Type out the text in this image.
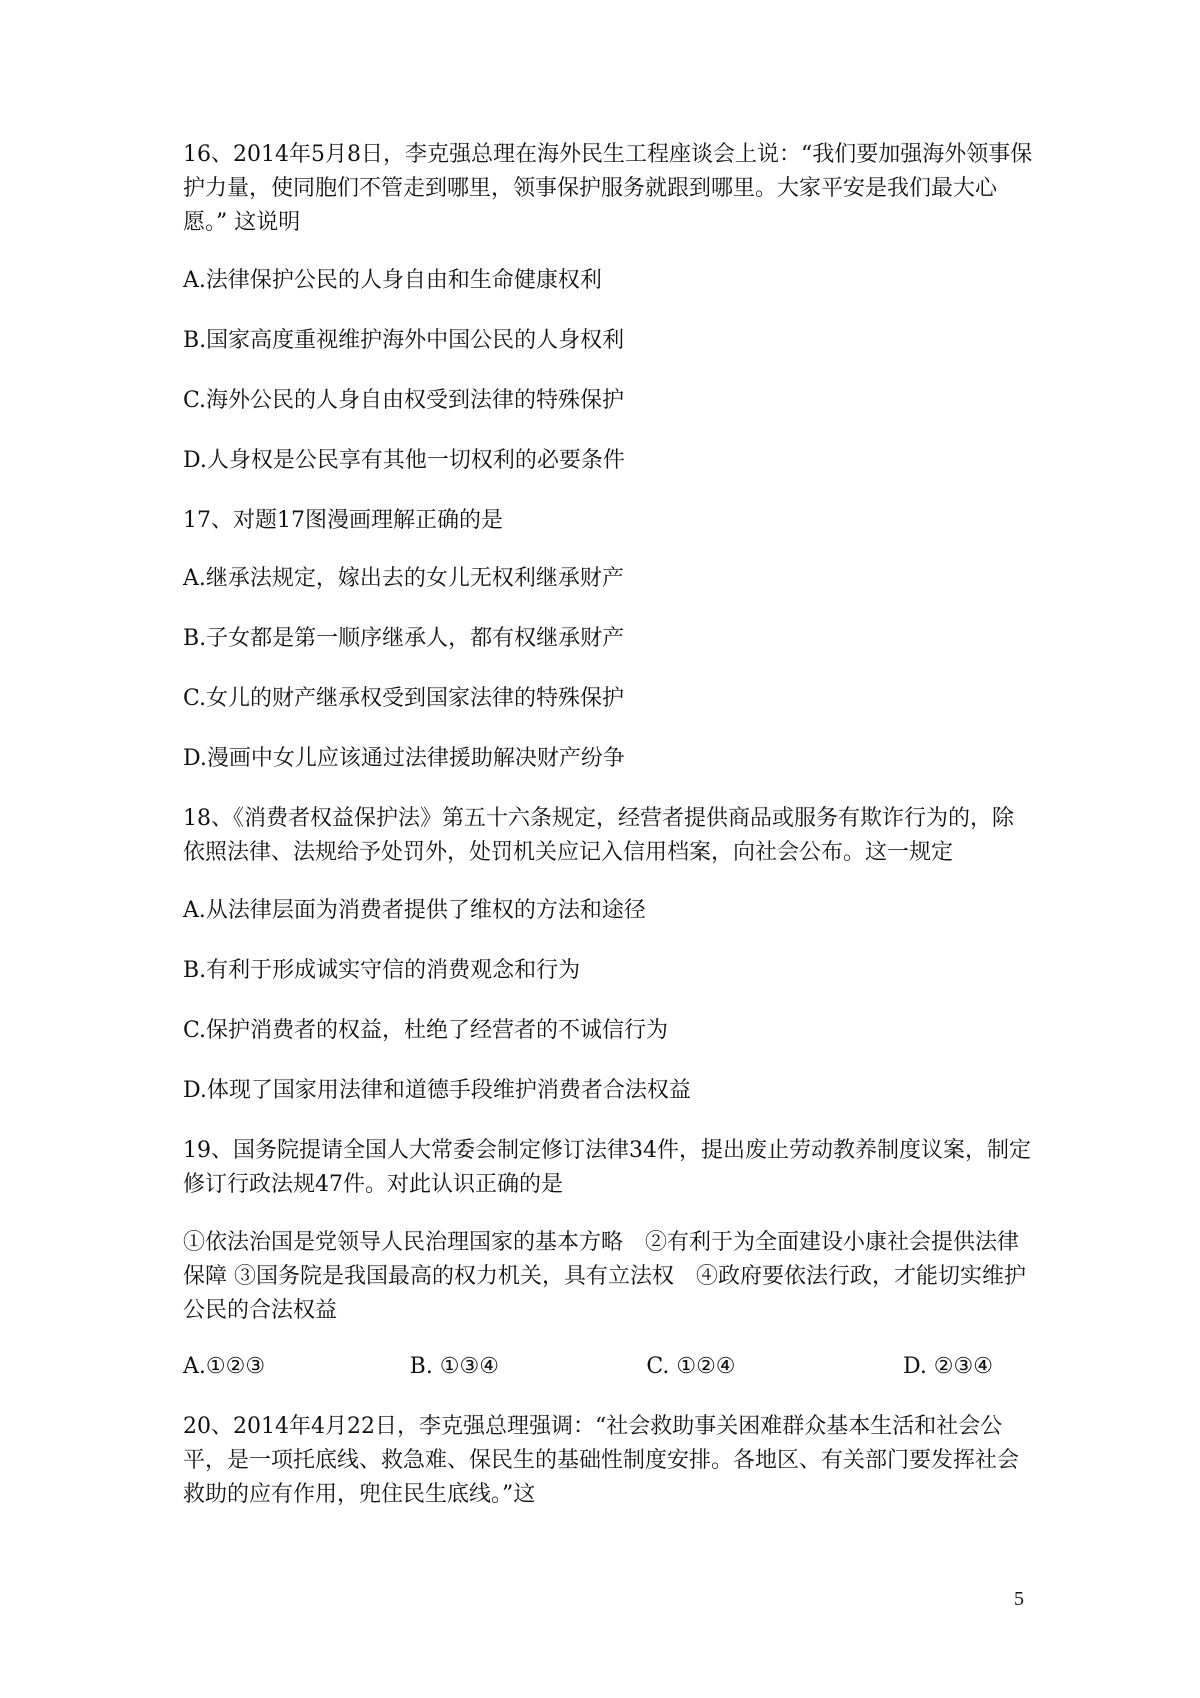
16、2014年5月8日，李克强总理在海外民生工程座谈会上说：“我们要加强海外领事保护力量，使同胞们不管走到哪里，领事保护服务就跟到哪里。大家平安是我们最大心愿。” 这说明

A.法律保护公民的人身自由和生命健康权利

B.国家高度重视维护海外中国公民的人身权利

C.海外公民的人身自由权受到法律的特殊保护

D.人身权是公民享有其他一切权利的必要条件

17、对题17图漫画理解正确的是

A.继承法规定，嫁出去的女儿无权利继承财产

B.子女都是第一顺序继承人，都有权继承财产

C.女儿的财产继承权受到国家法律的特殊保护

D.漫画中女儿应该通过法律援助解决财产纷争

18、《消费者权益保护法》第五十六条规定，经营者提供商品或服务有欺诈行为的，除依照法律、法规给予处罚外，处罚机关应记入信用档案，向社会公布。这一规定

A.从法律层面为消费者提供了维权的方法和途径

B.有利于形成诚实守信的消费观念和行为

C.保护消费者的权益，杜绝了经营者的不诚信行为

D.体现了国家用法律和道德手段维护消费者合法权益

19、国务院提请全国人大常委会制定修订法律34件，提出废止劳动教养制度议案，制定修订行政法规47件。对此认识正确的是

①依法治国是党领导人民治理国家的基本方略　②有利于为全面建设小康社会提供法律保障 ③国务院是我国最高的权力机关，具有立法权　④政府要依法行政，才能切实维护公民的合法权益

A.①②③	B. ①③④	C. ①②④	D. ②③④

20、2014年4月22日，李克强总理强调：“社会救助事关困难群众基本生活和社会公平，是一项托底线、救急难、保民生的基础性制度安排。各地区、有关部门要发挥社会救助的应有作用，兜住民生底线。”这

5
